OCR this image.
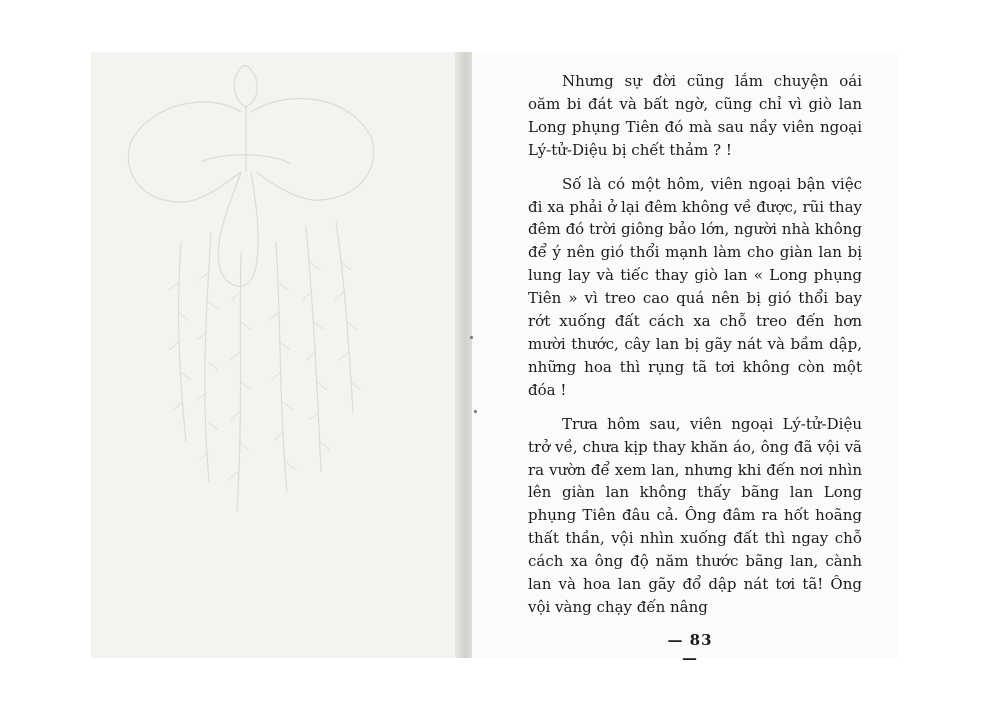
Nhưng sự đời cũng lắm chuyện oái oăm bi đát và bất ngờ, cũng chỉ vì giò lan Long phụng Tiên đó mà sau nầy viên ngoại Lý-tử-Diệu bị chết thảm ? !

Số là có một hôm, viên ngoại bận việc đi xa phải ở lại đêm không về được, rũi thay đêm đó trời giông bảo lớn, người nhà không để ý nên gió thổi mạnh làm cho giàn lan bị lung lay và tiếc thay giò lan « Long phụng Tiên » vì treo cao quá nên bị gió thổi bay rớt xuống đất cách xa chỗ treo đến hơn mười thước, cây lan bị gãy nát và bầm dập, những hoa thì rụng tã tơi không còn một đóa !

Trưa hôm sau, viên ngoại Lý-tử-Diệu trở về, chưa kịp thay khăn áo, ông đã vội vã ra vườn để xem lan, nhưng khi đến nơi nhìn lên giàn lan không thấy bãng lan Long phụng Tiên đâu cả. Ông đâm ra hốt hoãng thất thần, vội nhìn xuống đất thì ngay chỗ cách xa ông độ năm thước bãng lan, cành lan và hoa lan gãy đổ dập nát tơi tã! Ông vội vàng chạy đến nâng

— 83 —
